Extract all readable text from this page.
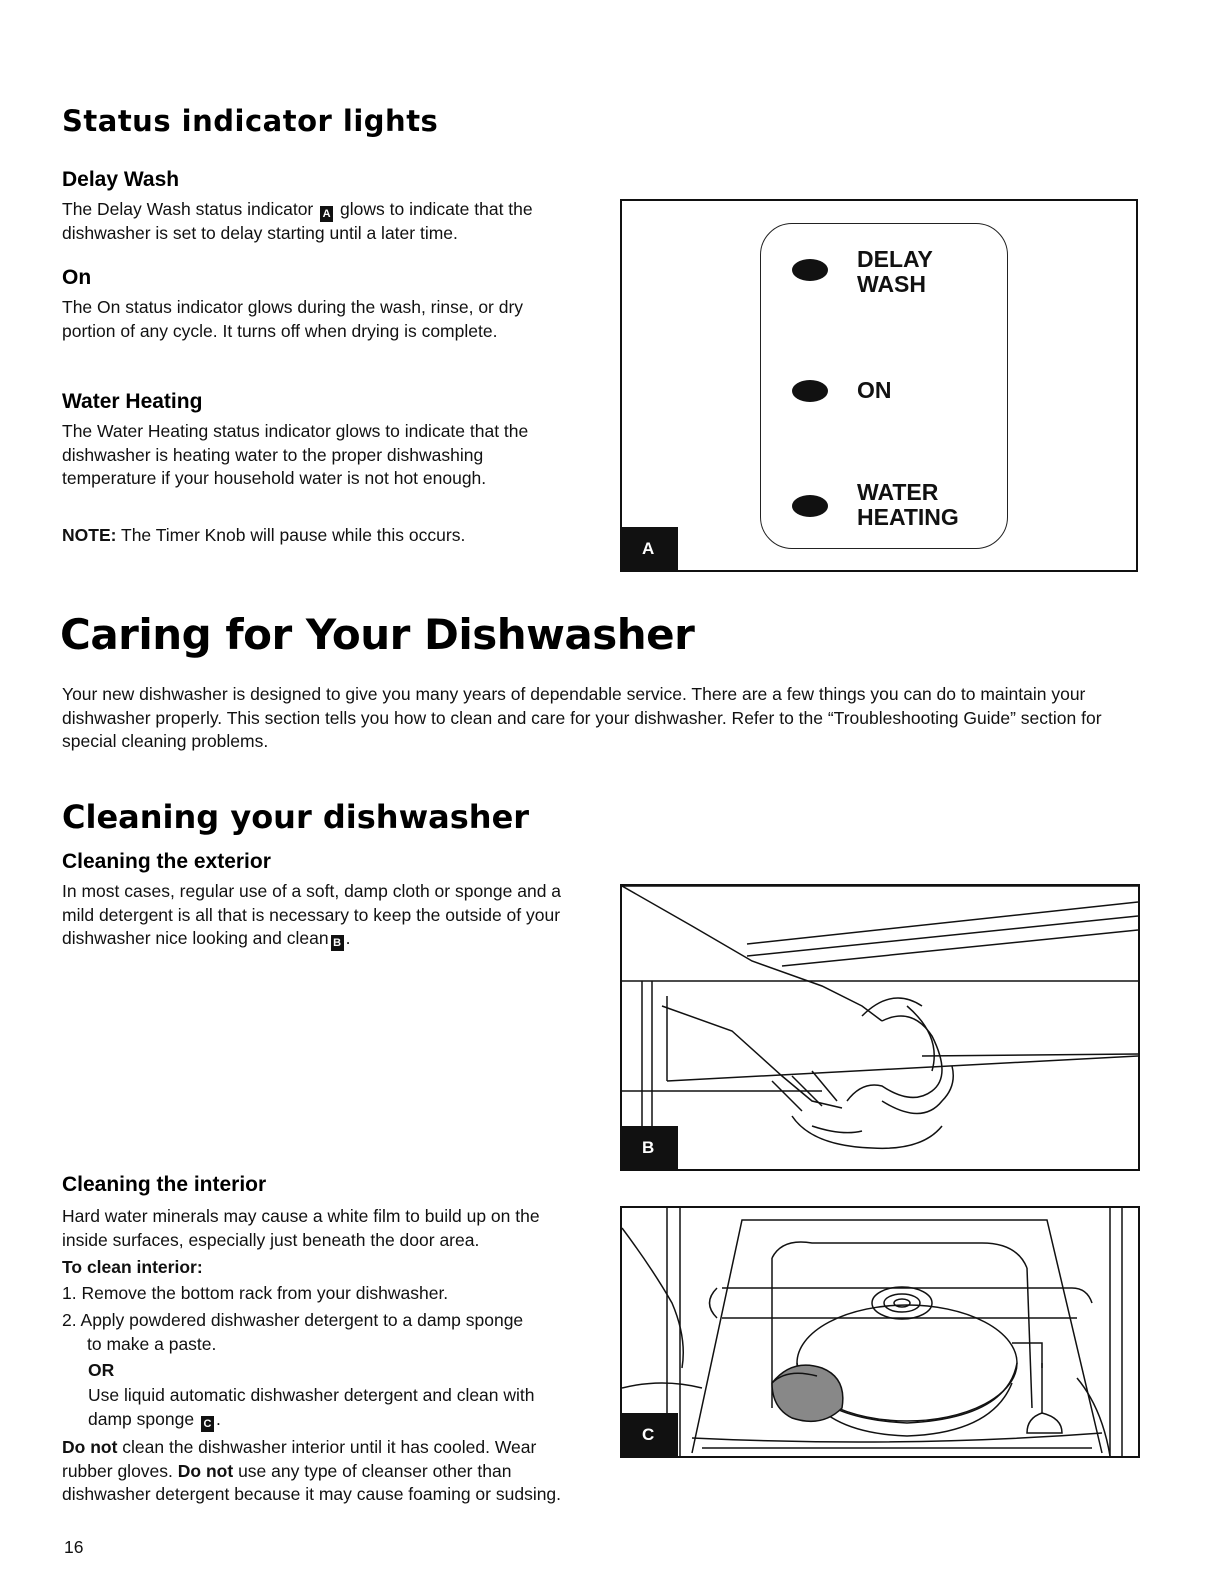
Status indicator lights
Delay Wash
The Delay Wash status indicator A glows to indicate that the dishwasher is set to delay starting until a later time.
On
The On status indicator glows during the wash, rinse, or dry portion of any cycle. It turns off when drying is complete.
Water Heating
The Water Heating status indicator glows to indicate that the dishwasher is heating water to the proper dishwashing temperature if your household water is not hot enough.
NOTE: The Timer Knob will pause while this occurs.
DELAY
WASH
ON
WATER
HEATING
A
Caring for Your Dishwasher
Your new dishwasher is designed to give you many years of dependable service. There are a few things you can do to maintain your dishwasher properly. This section tells you how to clean and care for your dishwasher. Refer to the “Troubleshooting Guide” section for special cleaning problems.
Cleaning your dishwasher
Cleaning the exterior
In most cases, regular use of a soft, damp cloth or sponge and a mild detergent is all that is necessary to keep the outside of your dishwasher nice looking and clean B .
B
Cleaning the interior
Hard water minerals may cause a white film to build up on the inside surfaces, especially just beneath the door area.
To clean interior:
1. Remove the bottom rack from your dishwasher.
2. Apply powdered dishwasher detergent to a damp sponge to make a paste.
OR
Use liquid automatic dishwasher detergent and clean with damp sponge C .
Do not clean the dishwasher interior until it has cooled. Wear rubber gloves. Do not use any type of cleanser other than dishwasher detergent because it may cause foaming or sudsing.
16
C
